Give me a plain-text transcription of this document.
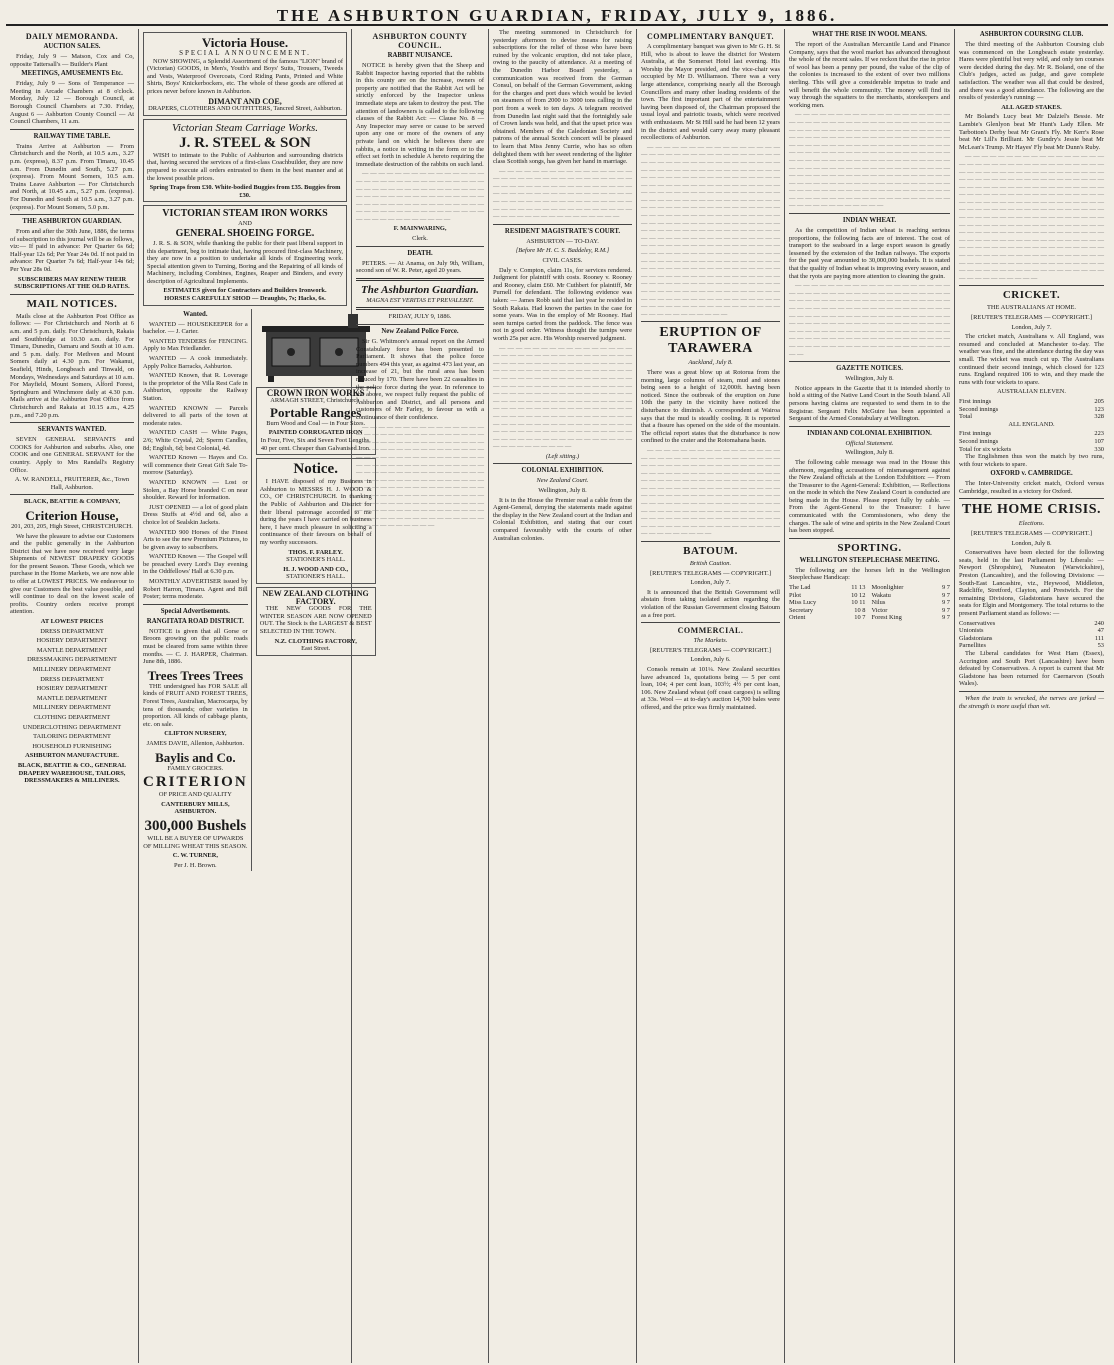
THE ASHBURTON GUARDIAN, FRIDAY, JULY 9, 1886.
DAILY MEMORANDA.
AUCTION SALES.

Friday, July 9 — Matson, Cox and Co, opposite Tattersall's — Builder's Plant

MEETINGS, AMUSEMENTS Etc.

Friday, July 9 — Sons of Temperance — Meeting in Arcade Chambers at 8 o'clock. Monday, July 12 — Borough Council, at Borough Council Chambers at 7.30. Friday, August 6 — Ashburton County Council — At Council Chambers, 11 a.m.

RAILWAY TIME TABLE.

Trains Arrive at Ashburton — From Christchurch and the North, at 10.5 a.m., 3.27 p.m. (express), 8.37 p.m. From Timaru, 10.45 a.m. From Dunedin and South, 5.27 p.m. (express). From Mount Somers, 10.5 a.m. Trains Leave Ashburton — For Christchurch and North, at 10.45 a.m., 5.27 p.m. (express). For Dunedin and South at 10.5 a.m., 3.27 p.m. (express). For Mount Somers, 5.0 p.m.

THE ASHBURTON GUARDIAN.

From and after the 30th June, 1886, the terms of subscription to this journal will be as follows, viz:— If paid in advance: Per Quarter 6s 6d; Half-year 12s 6d; Per Year 24s 0d. If not paid in advance: Per Quarter 7s 6d; Half-year 14s 6d; Per Year 28s 0d.

SUBSCRIBERS MAY RENEW THEIR SUBSCRIPTIONS AT THE OLD RATES.

MAIL NOTICES.

Mails close at the Ashburton Post Office as follows: — For Christchurch and North at 6 a.m. and 5 p.m. daily. For Christchurch, Rakaia and Southbridge at 10.30 a.m. daily. For Timaru, Dunedin, Oamaru and South at 10 a.m. and 5 p.m. daily. For Methven and Mount Somers daily at 4.30 p.m. For Wakanui, Seafield, Hinds, Longbeach and Tinwald, on Mondays, Wednesdays and Saturdays at 10 a.m. For Mayfield, Mount Somers, Alford Forest, Springburn and Winchmore daily at 4.30 p.m. Mails arrive at the Ashburton Post Office from Christchurch and Rakaia at 10.15 a.m., 4.25 p.m., and 7.20 p.m.

SERVANTS WANTED.

SEVEN GENERAL SERVANTS and COOKS for Ashburton and suburbs. Also, one COOK and one GENERAL SERVANT for the country. Apply to Mrs Randall's Registry Office.

A. W. RANDELL, FRUITERER, &c., Town Hall, Ashburton.

BLACK, BEATTIE & COMPANY,

Criterion House,

201, 203, 205, High Street, CHRISTCHURCH.

We have the pleasure to advise our Customers and the public generally in the Ashburton District that we have now received very large Shipments of NEWEST DRAPERY GOODS for the present Season. These Goods, which we purchase in the Home Markets, we are now able to offer at LOWEST PRICES. We endeavour to give our Customers the best value possible, and will continue to deal on the lowest scale of profits. Country orders receive prompt attention.

AT LOWEST PRICES

DRESS DEPARTMENT

HOSIERY DEPARTMENT

MANTLE DEPARTMENT

DRESSMAKING DEPARTMENT

MILLINERY DEPARTMENT

DRESS DEPARTMENT

HOSIERY DEPARTMENT

MANTLE DEPARTMENT

MILLINERY DEPARTMENT

CLOTHING DEPARTMENT

UNDERCLOTHING DEPARTMENT

TAILORING DEPARTMENT

HOUSEHOLD FURNISHING

ASHBURTON MANUFACTURE.

BLACK, BEATTIE & CO., GENERAL DRAPERY WAREHOUSE, TAILORS, DRESSMAKERS & MILLINERS.

Victoria House.
SPECIAL ANNOUNCEMENT.

NOW SHOWING, a Splendid Assortment of the famous "LION" brand of (Victorian) GOODS, in Men's, Youth's and Boys' Suits, Trousers, Tweeds and Vests, Waterproof Overcoats, Cord Riding Pants, Printed and White Shirts, Boys' Knickerbockers, etc. The whole of these goods are offered at prices never before known in Ashburton.

DIMANT AND COE,
DRAPERS, CLOTHIERS AND OUTFITTERS, Tancred Street, Ashburton.
Victorian Steam Carriage Works.
J. R. STEEL & SON

WISH to intimate to the Public of Ashburton and surrounding districts that, having secured the services of a first-class Coachbuilder, they are now prepared to execute all orders entrusted to them in the best manner and at the lowest possible prices.

Spring Traps from £30. White-bodied Buggies from £35. Buggies from £30.
VICTORIAN STEAM IRON WORKS
AND
GENERAL SHOEING FORGE.

J. R. S. & SON, while thanking the public for their past liberal support in this department, beg to intimate that, having procured first-class Machinery, they are now in a position to undertake all kinds of Engineering work. Special attention given to Turning, Boring and the Repairing of all kinds of Machinery, including Combines, Engines, Reaper and Binders, and every description of Agricultural Implements.

ESTIMATES given for Contractors and Builders Ironwork.
HORSES CAREFULLY SHOD — Draughts, 7s; Hacks, 6s.
Wanted.

WANTED — HOUSEKEEPER for a bachelor. — J. Carter.

WANTED TENDERS for FENCING. Apply to Max Friedlander.

WANTED — A cook immediately. Apply Police Barracks, Ashburton.

WANTED Known, that R. Loverage is the proprietor of the Villa Rest Cafe in Ashburton, opposite the Railway Station.

WANTED KNOWN — Parcels delivered to all parts of the town at moderate rates.

WANTED CASH — White Pages, 2/6; White Crystal, 2d; Sperm Candles, 8d; English, 6d; best Colonial, 4d.

WANTED Known — Hayes and Co. will commence their Great Gift Sale To-morrow (Saturday).

WANTED KNOWN — Lost or Stolen, a Bay Horse branded C on near shoulder. Reward for information.

JUST OPENED — a lot of good plain Dress Stuffs at 4½d and 6d, also a choice lot of Sealskin Jackets.

WANTED 900 Horses of the Finest Arts to see the new Premium Pictures, to be given away to subscribers.

WANTED Known — The Gospel will be preached every Lord's Day evening in the Oddfellows' Hall at 6.30 p.m.

MONTHLY ADVERTISER issued by Robert Harron, Timaru. Agent and Bill Poster; terms moderate.

Special Advertisements.
RANGITATA ROAD DISTRICT.

NOTICE is given that all Gorse or Broom growing on the public roads must be cleared from same within three months. — C. J. HARPER, Chairman. June 8th, 1886.

Trees Trees Trees

THE undersigned has FOR SALE all kinds of FRUIT AND FOREST TREES, Forest Trees, Australian, Macrocarpa, by tens of thousands; other varieties in proportion. All kinds of cabbage plants, etc. on sale.

CLIFTON NURSERY,

JAMES DAVIE, Allenton, Ashburton.

Baylis and Co.

FAMILY GROCERS.

CRITERION

OF PRICE AND QUALITY

CANTERBURY MILLS, ASHBURTON.

300,000 Bushels

WILL BE A BUYER OF UPWARDS OF MILLING WHEAT THIS SEASON.

C. W. TURNER,

Per J. H. Brown.

CROWN IRON WORKS
ARMAGH STREET, Christchurch.
Portable Ranges
Burn Wood and Coal — in Four Sizes.
PAINTED CORRUGATED IRON
In Four, Five, Six and Seven Foot Lengths.
40 per cent. Cheaper than Galvanised Iron.
Notice.

I HAVE disposed of my Business in Ashburton to MESSRS H. J. WOOD & CO., OF CHRISTCHURCH. In thanking the Public of Ashburton and District for their liberal patronage accorded to me during the years I have carried on business here, I have much pleasure in soliciting a continuance of their favours on behalf of my worthy successors.

THOS. F. FARLEY.
STATIONER'S HALL.
H. J. WOOD AND CO.,
STATIONER'S HALL.
NEW ZEALAND CLOTHING FACTORY.

THE NEW GOODS FOR THE WINTER SEASON ARE NOW OPENED OUT. The Stock is the LARGEST & BEST SELECTED IN THE TOWN.

N.Z. CLOTHING FACTORY,
East Street.
ASHBURTON COUNTY COUNCIL.
RABBIT NUISANCE.

NOTICE is hereby given that the Sheep and Rabbit Inspector having reported that the rabbits in this county are on the increase, owners of property are notified that the Rabbit Act will be strictly enforced by the Inspector unless immediate steps are taken to destroy the pest. The attention of landowners is called to the following clauses of the Rabbit Act: — Clause No. 8 — Any Inspector may serve or cause to be served upon any one or more of the owners of any private land on which he believes there are rabbits, a notice in writing in the form or to the effect set forth in schedule A hereto requiring the immediate destruction of the rabbits on such land.

— — — — — — — — — — — — — — — — — — — — — — — — — — — — — — — — — — — — — — — — — — — — — — — — — — — — — — — — — — — — — — — — — — — — — — — — — — — — — — — — — — — — — — — — — — — — — — — — — — — — — — — — — — —

F. MAINWARING,

Clerk.

DEATH.

PETERS. — At Anama, on July 9th, William, second son of W. R. Peter, aged 20 years.

The Ashburton Guardian.

MAGNA EST VERITAS ET PREVALEBIT.

FRIDAY, JULY 9, 1886.

New Zealand Police Force.

Sir G. Whitmore's annual report on the Armed Constabulary force has been presented to Parliament. It shows that the police force numbers 494 this year, as against 473 last year, an increase of 21, but the rural area has been reduced by 170. There have been 22 casualties in the police force during the year. In reference to the above, we respect fully request the public of Ashburton and District, and all persons and customers of Mr Farley, to favour us with a continuance of their confidence.

— — — — — — — — — — — — — — — — — — — — — — — — — — — — — — — — — — — — — — — — — — — — — — — — — — — — — — — — — — — — — — — — — — — — — — — — — — — — — — — — — — — — — — — — — — — — — — — — — — — — — — — — — — — — — — — — — — — — — — — — — — — — — — — — — — — — — — — — — — — — — — — — — — — — — — — — — — — — — — — — — — — — — — — — — — — — — — — — — — — — — — — — — — — — — — — — — — — — — — — — — — — — — — — — — — — — — — — — —

The meeting summoned in Christchurch for yesterday afternoon to devise means for raising subscriptions for the relief of those who have been ruined by the volcanic eruption, did not take place, owing to the paucity of attendance. At a meeting of the Dunedin Harbor Board yesterday, a communication was received from the German Consul, on behalf of the German Government, asking for the charges and port dues which would be levied on steamers of from 2000 to 3000 tons calling in the port from a week to ten days. A telegram received from Dunedin last night said that the fortnightly sale of Crown lands was held, and that the upset price was obtained. Members of the Caledonian Society and patrons of the annual Scotch concert will be pleased to learn that Miss Jenny Currie, who has so often delighted them with her sweet rendering of the lighter class Scottish songs, has given her hand in marriage.

— — — — — — — — — — — — — — — — — — — — — — — — — — — — — — — — — — — — — — — — — — — — — — — — — — — — — — — — — — — — — — — — — — — — — — — — — — — — — — — — — — — — — — — — — — — — — — — — — — — — — — — — — — — — — — — — — — — — —

RESIDENT MAGISTRATE'S COURT.

ASHBURTON — TO-DAY.

[Before Mr H. C. S. Baddeley, R.M.]

CIVIL CASES.

Daly v. Compton, claim 11s, for services rendered. Judgment for plaintiff with costs. Rooney v. Rooney and Rooney, claim £60. Mr Cuthbert for plaintiff, Mr Purnell for defendant. The following evidence was taken: — James Robb said that last year he resided in South Rakaia. Had known the parties in the case for some years. Was in the employ of Mr Rooney. Had seen turnips carted from the paddock. The fence was not in good order. Witness thought the turnips were worth 25s per acre. His Worship reserved judgment.

— — — — — — — — — — — — — — — — — — — — — — — — — — — — — — — — — — — — — — — — — — — — — — — — — — — — — — — — — — — — — — — — — — — — — — — — — — — — — — — — — — — — — — — — — — — — — — — — — — — — — — — — — — — — — — — — — — — — — — — — — — — — — — — — — — — — — — — — — — — — — — — — — — — — — — — — — — — — — — — — — — — — — — — — — — — — — — — — — — — — — — — — — — — — — — — — — — — — — — — — — — — — — — — — — — — — — — — — — — — — — — — — — — — — — —

(Left sitting.)

COLONIAL EXHIBITION.

New Zealand Court.

Wellington, July 8.

It is in the House the Premier read a cable from the Agent-General, denying the statements made against the display in the New Zealand court at the Indian and Colonial Exhibition, and stating that our court compared favourably with the courts of other Australian colonies.

COMPLIMENTARY BANQUET.

A complimentary banquet was given to Mr G. H. St Hill, who is about to leave the district for Western Australia, at the Somerset Hotel last evening. His Worship the Mayor presided, and the vice-chair was occupied by Mr D. Williamson. There was a very large attendance, comprising nearly all the Borough Councillors and many other leading residents of the town. The first important part of the entertainment having been disposed of, the Chairman proposed the usual loyal and patriotic toasts, which were received with enthusiasm. Mr St Hill said he had been 12 years in the district and would carry away many pleasant recollections of Ashburton.

— — — — — — — — — — — — — — — — — — — — — — — — — — — — — — — — — — — — — — — — — — — — — — — — — — — — — — — — — — — — — — — — — — — — — — — — — — — — — — — — — — — — — — — — — — — — — — — — — — — — — — — — — — — — — — — — — — — — — — — — — — — — — — — — — — — — — — — — — — — — — — — — — — — — — — — — — — — — — — — — — — — — — — — — — — — — — — — — — — — — — — — — — — — — — — — — — — — — — — — — — — — — — — — — — — — — — — — — — — — — — — — — — — — — — — — — — — — — — — — — — — — — — — — — — — — — — — — — — — — — — — — — — — — — — — — — — — — — — — — — — — — — — — — — — — — — — — — — — — — — — — — — — — — — — — — — — — — — — — — — — — — — — — — — — — — — — — — — — — — — — — — — — — — — — — — — — — — — — — — — — — — — — — — — — — — — — — — — — — — — — — — —

ERUPTION OF TARAWERA

Auckland, July 8.

There was a great blow up at Rotorua from the morning, large columns of steam, mud and stones being seen to a height of 12,000ft. having been noticed. Since the outbreak of the eruption on June 10th the party in the vicinity have noticed the disturbance to diminish. A correspondent at Wairoa says that the mud is steadily cooling. It is reported that a fissure has opened on the side of the mountain. The official report states that the disturbance is now confined to the crater and the Rotomahana basin.

— — — — — — — — — — — — — — — — — — — — — — — — — — — — — — — — — — — — — — — — — — — — — — — — — — — — — — — — — — — — — — — — — — — — — — — — — — — — — — — — — — — — — — — — — — — — — — — — — — — — — — — — — — — — — — — — — — — — — — — — — — — — — — — — — — — — — — — — — — — — — — — — — — — — — — — — — — — — — — — — — — — — — — — — — — — — — — — — — — — — — — — — — — — — — — — — — — —

BATOUM.

British Caution.

[REUTER'S TELEGRAMS — COPYRIGHT.]

London, July 7.

It is announced that the British Government will abstain from taking isolated action regarding the violation of the Russian Government closing Batoum as a free port.

COMMERCIAL.

The Markets.

[REUTER'S TELEGRAMS — COPYRIGHT.]

London, July 6.

Consols remain at 101¼. New Zealand securities have advanced 1s, quotations being — 5 per cent loan, 104; 4 per cent loan, 103½; 4½ per cent loan, 106. New Zealand wheat (off coast cargoes) is selling at 33s. Wool — at to-day's auction 14,700 bales were offered, and the price was firmly maintained.

WHAT THE RISE IN WOOL MEANS.

The report of the Australian Mercantile Land and Finance Company, says that the wool market has advanced throughout the whole of the recent sales. If we reckon that the rise in price of wool has been a penny per pound, the value of the clip of the colonies is increased to the extent of over two millions sterling. This will give a considerable impetus to trade and will benefit the whole community. The money will find its way through the squatters to the merchants, storekeepers and working men.

— — — — — — — — — — — — — — — — — — — — — — — — — — — — — — — — — — — — — — — — — — — — — — — — — — — — — — — — — — — — — — — — — — — — — — — — — — — — — — — — — — — — — — — — — — — — — — — — — — — — — — — — — — — — — — — — — — — — — — — — — — — — — — — — — — — — — — — — — — — — — — — — — — — — — — — — — — — — — — — — — — — — — — — — — — — — — — — — — — — — — — — — — — — — — — — — — — — — — — — — — — — — — — — — — — — — — — — — — — — — — — — — — — — — — — — — — — — — — — — — — — — — — — — — — — —

INDIAN WHEAT.

As the competition of Indian wheat is reaching serious proportions, the following facts are of interest. The cost of transport to the seaboard in a large export season is greatly lessened by the extension of the Indian railways. The exports for the past year amounted to 30,000,000 bushels. It is stated that the quality of Indian wheat is improving every season, and that the ryots are paying more attention to cleaning the grain.

— — — — — — — — — — — — — — — — — — — — — — — — — — — — — — — — — — — — — — — — — — — — — — — — — — — — — — — — — — — — — — — — — — — — — — — — — — — — — — — — — — — — — — — — — — — — — — — — — — — — — — — — — — — — — — — — — — — — — — — — — — — — — — — — — — — — — — — — — — — — — — — — — — — — — — — — — — — — — — — — — — — — — — — — — — — — — — — — — — — — —

GAZETTE NOTICES.

Wellington, July 8.

Notice appears in the Gazette that it is intended shortly to hold a sitting of the Native Land Court in the South Island. All persons having claims are requested to send them in to the Registrar. Sergeant Felix McGuire has been appointed a Sergeant of the Armed Constabulary at Wellington.

INDIAN AND COLONIAL EXHIBITION.

Official Statement.

Wellington, July 8.

The following cable message was read in the House this afternoon, regarding accusations of mismanagement against the New Zealand officials at the London Exhibition: — From the Treasurer to the Agent-General: Exhibition, — Reflections on the mode in which the New Zealand Court is conducted are being made in the House. Please report fully by cable. — From the Agent-General to the Treasurer: I have communicated with the Commissioners, who deny the charges. The sale of wine and spirits in the New Zealand Court has been stopped.

SPORTING.
WELLINGTON STEEPLECHASE MEETING.

The following are the horses left in the Wellington Steeplechase Handicap:

The Lad	11 13	Moonlighter	9 7
Pilot	10 12	Wakatu	9 7
Miss Lucy	10 11	Nilus	9 7
Secretary	10 8	Victor	9 7
Orient	10 7	Forest King	9 7
ASHBURTON COURSING CLUB.

The third meeting of the Ashburton Coursing club was commenced on the Longbeach estate yesterday. Hares were plentiful but very wild, and only ten courses were decided during the day. Mr R. Boland, one of the Club's judges, acted as judge, and gave complete satisfaction. The weather was all that could be desired, and there was a good attendance. The following are the results of yesterday's running: —

ALL AGED STAKES.

Mr Boland's Lucy beat Mr Dalziel's Bessie. Mr Lambie's Glenlyon beat Mr Hunt's Lady Ellen. Mr Tarbotton's Derby beat Mr Grant's Fly. Mr Kerr's Rose beat Mr Lill's Brilliant. Mr Gundry's Jessie beat Mr McLean's Trump. Mr Hayes' Fly beat Mr Dunn's Ruby.

— — — — — — — — — — — — — — — — — — — — — — — — — — — — — — — — — — — — — — — — — — — — — — — — — — — — — — — — — — — — — — — — — — — — — — — — — — — — — — — — — — — — — — — — — — — — — — — — — — — — — — — — — — — — — — — — — — — — — — — — — — — — — — — — — — — — — — — — — — — — — — — — — — — — — — — — — — — — — — — — — — — — — — — — — — — — — — — — — — — — — — — — — — — — — — — — — — — — — — — — — — — — — — — — — — — — — — — — — — — — — — — — — — — — — — — — — — — — — — — — — — — — — — — — — — — — — — — — — — — — — — — — — — — — — — — — — — — — — — — — — — — — — — — — — — — — — — — — —

CRICKET.

THE AUSTRALIANS AT HOME.

[REUTER'S TELEGRAMS — COPYRIGHT.]

London, July 7.

The cricket match, Australians v. All England, was resumed and concluded at Manchester to-day. The weather was fine, and the attendance during the day was small. The wicket was much cut up. The Australians continued their second innings, which closed for 123 runs. England required 106 to win, and they made the runs with four wickets to spare.

AUSTRALIAN ELEVEN.

First innings	205
Second innings	123
Total	328

ALL ENGLAND.

First innings	223
Second innings	107
Total for six wickets	330

The Englishmen thus won the match by two runs, with four wickets to spare.

OXFORD v. CAMBRIDGE.

The Inter-University cricket match, Oxford versus Cambridge, resulted in a victory for Oxford.

THE HOME CRISIS.

Elections.

[REUTER'S TELEGRAMS — COPYRIGHT.]

London, July 8.

Conservatives have been elected for the following seats, held in the last Parliament by Liberals: — Newport (Shropshire), Nuneaton (Warwickshire), Preston (Lancashire), and the following Divisions: — South-East Lancashire, viz., Heywood, Middleton, Radcliffe, Stretford, Clayton, and Prestwich. For the remaining Divisions, Gladstonians have secured the seats for Elgin and Montgomery. The total returns to the present Parliament stand as follows: —

Conservatives	240
Unionists	47
Gladstonians	111
Parnellites	53

The Liberal candidates for West Ham (Essex), Accrington and South Port (Lancashire) have been defeated by Conservatives. A report is current that Mr Gladstone has been returned for Caernarvon (South Wales).

When the train is wrecked, the nerves are jerked — the strength is more useful than wit.
